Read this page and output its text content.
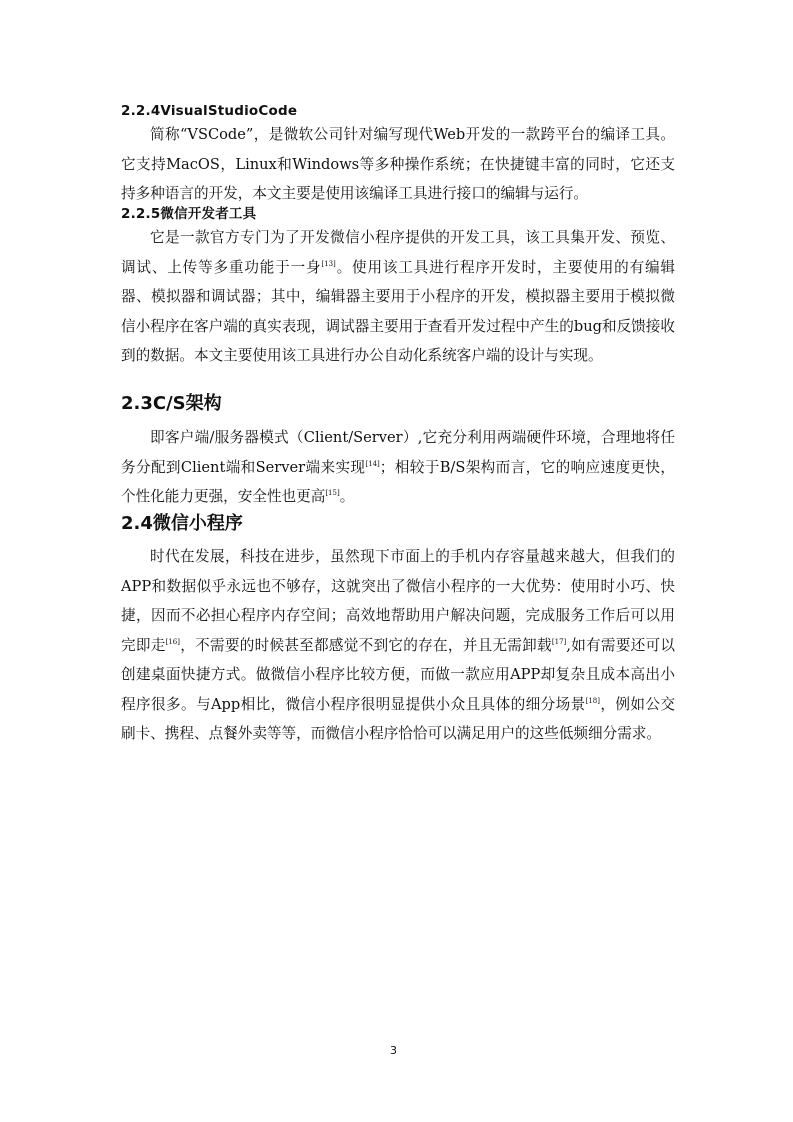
2.2.4VisualStudioCode

简称“VSCode”，是微软公司针对编写现代Web开发的一款跨平台的编译工具。它支持MacOS，Linux和Windows等多种操作系统；在快捷键丰富的同时，它还支持多种语言的开发，本文主要是使用该编译工具进行接口的编辑与运行。

2.2.5微信开发者工具

它是一款官方专门为了开发微信小程序提供的开发工具，该工具集开发、预览、调试、上传等多重功能于一身[13]。使用该工具进行程序开发时，主要使用的有编辑器、模拟器和调试器；其中，编辑器主要用于小程序的开发，模拟器主要用于模拟微信小程序在客户端的真实表现，调试器主要用于查看开发过程中产生的bug和反馈接收到的数据。本文主要使用该工具进行办公自动化系统客户端的设计与实现。

2.3C/S架构

即客户端/服务器模式（Client/Server）,它充分利用两端硬件环境，合理地将任务分配到Client端和Server端来实现[14]；相较于B/S架构而言，它的响应速度更快，个性化能力更强，安全性也更高[15]。

2.4微信小程序

时代在发展，科技在进步，虽然现下市面上的手机内存容量越来越大，但我们的APP和数据似乎永远也不够存，这就突出了微信小程序的一大优势：使用时小巧、快捷，因而不必担心程序内存空间；高效地帮助用户解决问题，完成服务工作后可以用完即走[16]，不需要的时候甚至都感觉不到它的存在，并且无需卸载[17],如有需要还可以创建桌面快捷方式。做微信小程序比较方便，而做一款应用APP却复杂且成本高出小程序很多。与App相比，微信小程序很明显提供小众且具体的细分场景[18]，例如公交刷卡、携程、点餐外卖等等，而微信小程序恰恰可以满足用户的这些低频细分需求。

3
